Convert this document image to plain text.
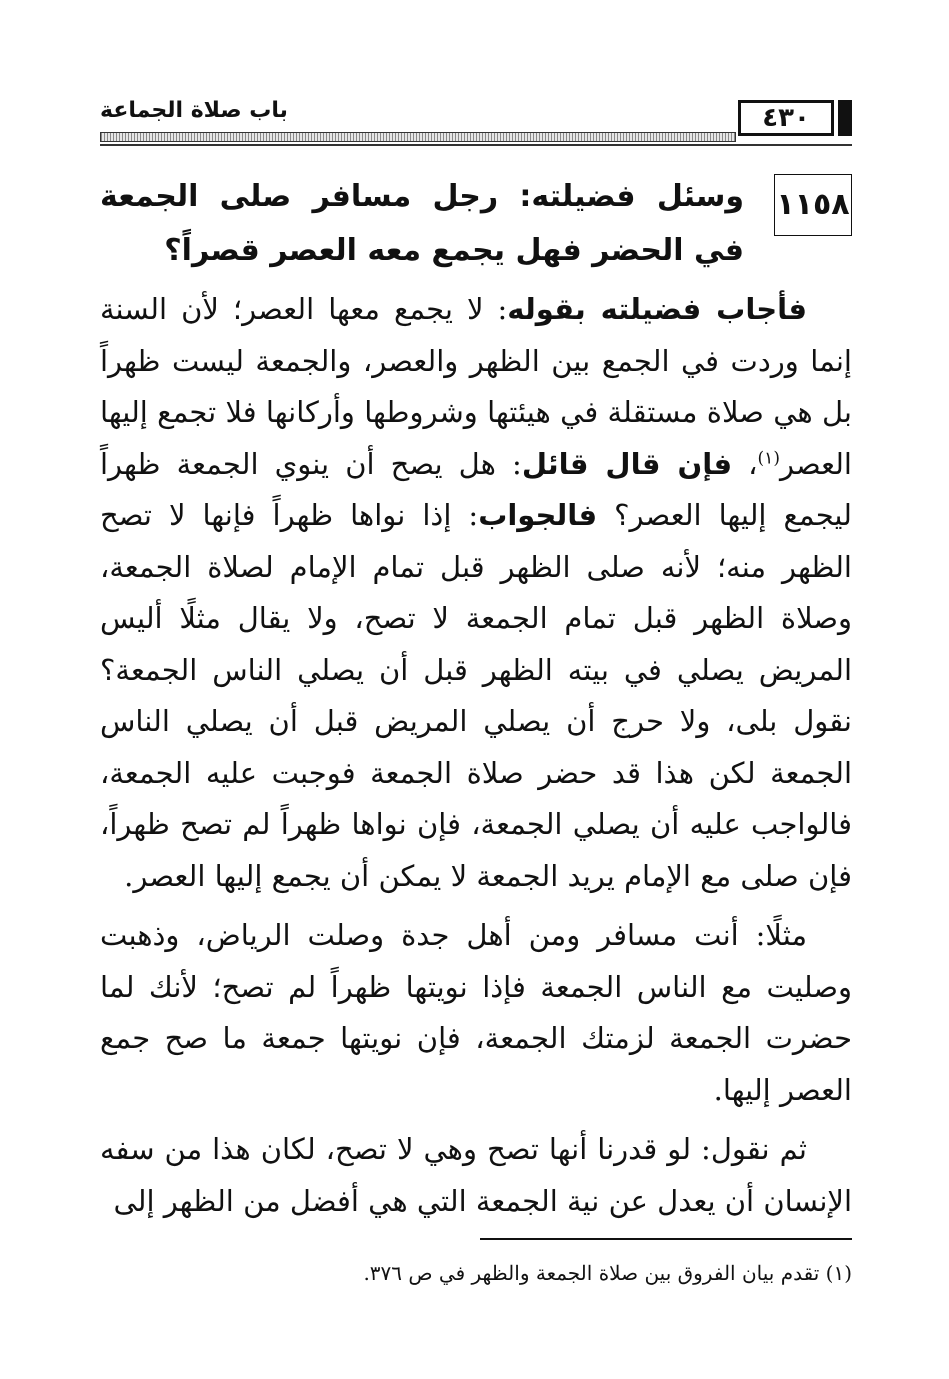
باب صلاة الجماعة	٤٣٠
١١٥٨

وسئل فضيلته: رجل مسافر صلى الجمعة في الحضر فهل يجمع معه العصر قصراً؟

فأجاب فضيلته بقوله: لا يجمع معها العصر؛ لأن السنة إنما وردت في الجمع بين الظهر والعصر، والجمعة ليست ظهراً بل هي صلاة مستقلة في هيئتها وشروطها وأركانها فلا تجمع إليها العصر$^{(١)}$، فإن قال قائل: هل يصح أن ينوي الجمعة ظهراً ليجمع إليها العصر؟ فالجواب: إذا نواها ظهراً فإنها لا تصح الظهر منه؛ لأنه صلى الظهر قبل تمام الإمام لصلاة الجمعة، وصلاة الظهر قبل تمام الجمعة لا تصح، ولا يقال مثلًا أليس المريض يصلي في بيته الظهر قبل أن يصلي الناس الجمعة؟ نقول بلى، ولا حرج أن يصلي المريض قبل أن يصلي الناس الجمعة لكن هذا قد حضر صلاة الجمعة فوجبت عليه الجمعة، فالواجب عليه أن يصلي الجمعة، فإن نواها ظهراً لم تصح ظهراً، فإن صلى مع الإمام يريد الجمعة لا يمكن أن يجمع إليها العصر.

مثلًا: أنت مسافر ومن أهل جدة وصلت الرياض، وذهبت وصليت مع الناس الجمعة فإذا نويتها ظهراً لم تصح؛ لأنك لما حضرت الجمعة لزمتك الجمعة، فإن نويتها جمعة ما صح جمع العصر إليها.

ثم نقول: لو قدرنا أنها تصح وهي لا تصح، لكان هذا من سفه الإنسان أن يعدل عن نية الجمعة التي هي أفضل من الظهر إلى

(١) تقدم بيان الفروق بين صلاة الجمعة والظهر في ص ٣٧٦.
